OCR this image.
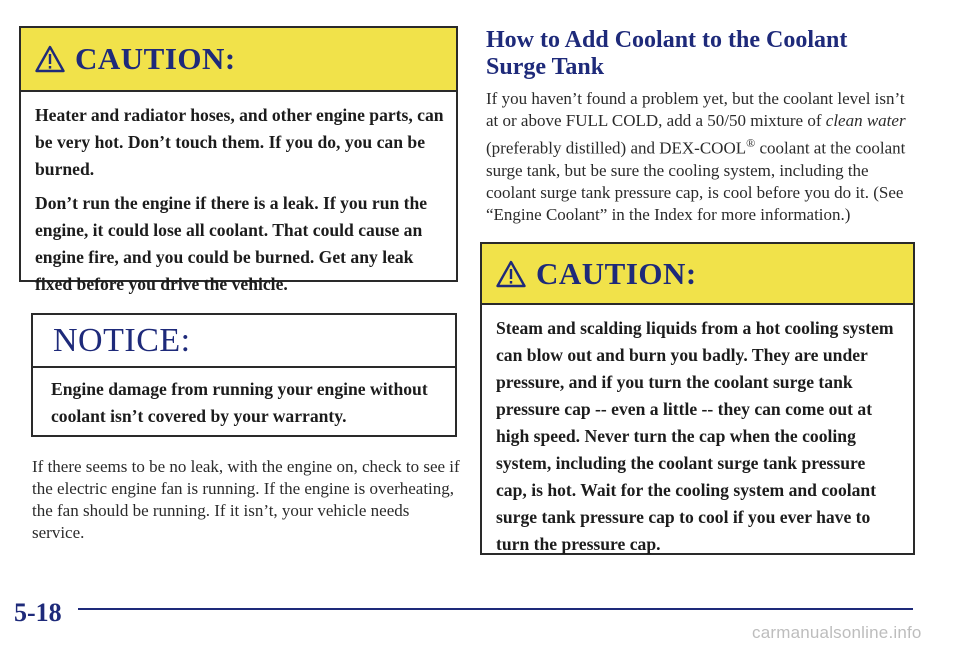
CAUTION:

Heater and radiator hoses, and other engine parts, can be very hot. Don’t touch them. If you do, you can be burned.

Don’t run the engine if there is a leak. If you run the engine, it could lose all coolant. That could cause an engine fire, and you could be burned. Get any leak fixed before you drive the vehicle.

NOTICE:

Engine damage from running your engine without coolant isn’t covered by your warranty.

If there seems to be no leak, with the engine on, check to see if the electric engine fan is running. If the engine is overheating, the fan should be running. If it isn’t, your vehicle needs service.

How to Add Coolant to the Coolant Surge Tank

If you haven’t found a problem yet, but the coolant level isn’t at or above FULL COLD, add a 50/50 mixture of clean water (preferably distilled) and DEX-COOL® coolant at the coolant surge tank, but be sure the cooling system, including the coolant surge tank pressure cap, is cool before you do it. (See “Engine Coolant” in the Index for more information.)

CAUTION:

Steam and scalding liquids from a hot cooling system can blow out and burn you badly. They are under pressure, and if you turn the coolant surge tank pressure cap -- even a little -- they can come out at high speed. Never turn the cap when the cooling system, including the coolant surge tank pressure cap, is hot. Wait for the cooling system and coolant surge tank pressure cap to cool if you ever have to turn the pressure cap.

5-18
carmanualsonline.info
